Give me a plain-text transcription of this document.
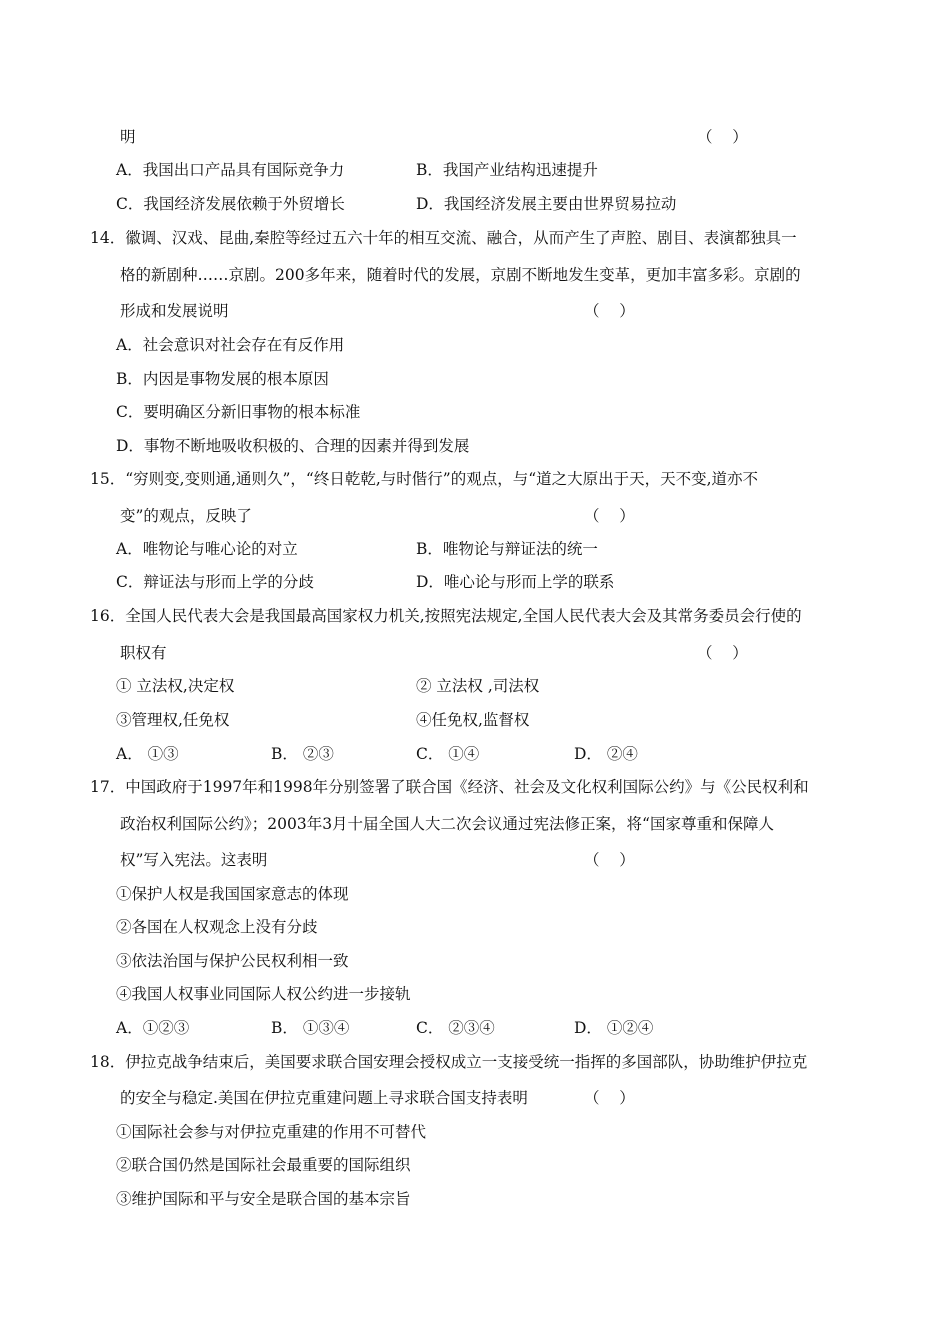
明	（    ）
A．我国出口产品具有国际竞争力	B．我国产业结构迅速提升
C．我国经济发展依赖于外贸增长	D．我国经济发展主要由世界贸易拉动
14．徽调、汉戏、昆曲,秦腔等经过五六十年的相互交流、融合，从而产生了声腔、剧目、表演都独具一
格的新剧种……京剧。200多年来，随着时代的发展，京剧不断地发生变革，更加丰富多彩。京剧的
形成和发展说明	（    ）
A．社会意识对社会存在有反作用
B．内因是事物发展的根本原因
C．要明确区分新旧事物的根本标准
D．事物不断地吸收积极的、合理的因素并得到发展
15．“穷则变,变则通,通则久”，“终日乾乾,与时偕行”的观点，与“道之大原出于天，天不变,道亦不
变”的观点，反映了	（    ）
A．唯物论与唯心论的对立	B．唯物论与辩证法的统一
C．辩证法与形而上学的分歧	D．唯心论与形而上学的联系
16．全国人民代表大会是我国最高国家权力机关,按照宪法规定,全国人民代表大会及其常务委员会行使的
职权有	（    ）
① 立法权,决定权	② 立法权 ,司法权
③管理权,任免权	④任免权,监督权
A． ①③	B． ②③	C． ①④	D． ②④
17．中国政府于1997年和1998年分别签署了联合国《经济、社会及文化权利国际公约》与《公民权利和
政治权利国际公约》；2003年3月十届全国人大二次会议通过宪法修正案，将“国家尊重和保障人
权”写入宪法。这表明	（    ）
①保护人权是我国国家意志的体现
②各国在人权观念上没有分歧
③依法治国与保护公民权利相一致
④我国人权事业同国际人权公约进一步接轨
A．①②③	B． ①③④	C． ②③④	D． ①②④
18．伊拉克战争结束后，美国要求联合国安理会授权成立一支接受统一指挥的多国部队，协助维护伊拉克
的安全与稳定.美国在伊拉克重建问题上寻求联合国支持表明	（    ）
①国际社会参与对伊拉克重建的作用不可替代
②联合国仍然是国际社会最重要的国际组织
③维护国际和平与安全是联合国的基本宗旨
